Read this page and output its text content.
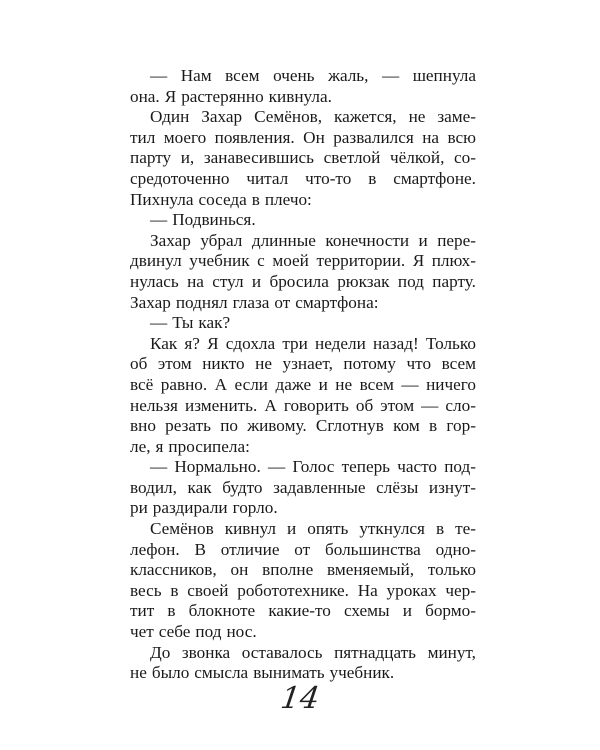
— Нам всем очень жаль, — шепнула
она. Я растерянно кивнула.
Один Захар Семёнов, кажется, не заме-
тил моего появления. Он развалился на всю
парту и, занавесившись светлой чёлкой, со-
средоточенно читал что-то в смартфоне.
Пихнула соседа в плечо:
— Подвинься.
Захар убрал длинные конечности и пере-
двинул учебник с моей территории. Я плюх-
нулась на стул и бросила рюкзак под парту.
Захар поднял глаза от смартфона:
— Ты как?
Как я? Я сдохла три недели назад! Только
об этом никто не узнает, потому что всем
всё равно. А если даже и не всем — ничего
нельзя изменить. А говорить об этом — сло-
вно резать по живому. Сглотнув ком в гор-
ле, я просипела:
— Нормально. — Голос теперь часто под-
водил, как будто задавленные слёзы изнут-
ри раздирали горло.
Семёнов кивнул и опять уткнулся в те-
лефон. В отличие от большинства одно-
классников, он вполне вменяемый, только
весь в своей робототехнике. На уроках чер-
тит в блокноте какие-то схемы и бормо-
чет себе под нос.
До звонка оставалось пятнадцать минут,
не было смысла вынимать учебник.
14
